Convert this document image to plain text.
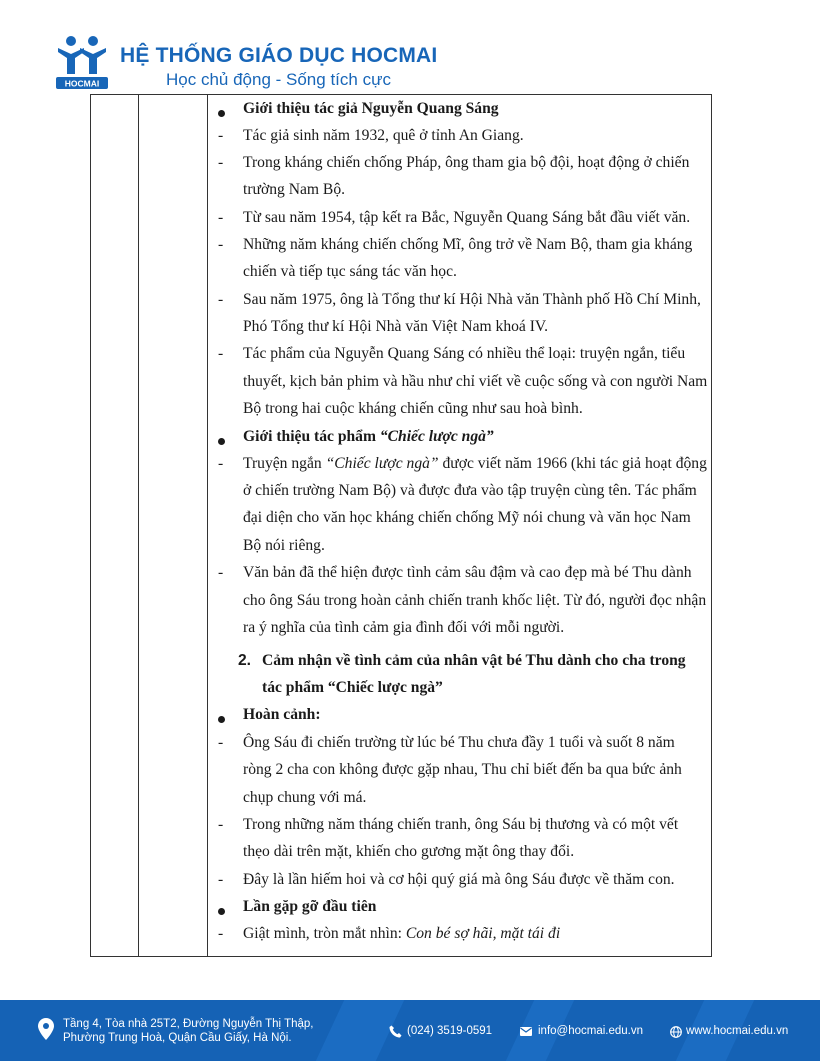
HOCMAI
HỆ THỐNG GIÁO DỤC HOCMAI
Học chủ động - Sống tích cực
Giới thiệu tác giả Nguyễn Quang Sáng
-	Tác giả sinh năm 1932, quê ở tỉnh An Giang.
-	Trong kháng chiến chống Pháp, ông tham gia bộ đội, hoạt động ở chiến
trường Nam Bộ.
-	Từ sau năm 1954, tập kết ra Bắc, Nguyễn Quang Sáng bắt đầu viết văn.
-	Những năm kháng chiến chống Mĩ, ông trở về Nam Bộ, tham gia kháng
chiến và tiếp tục sáng tác văn học.
-	Sau năm 1975, ông là Tổng thư kí Hội Nhà văn Thành phố Hồ Chí Minh,
Phó Tổng thư kí Hội Nhà văn Việt Nam khoá IV.
-	Tác phẩm của Nguyễn Quang Sáng có nhiều thể loại: truyện ngắn, tiểu
thuyết, kịch bản phim và hầu như chỉ viết về cuộc sống và con người Nam
Bộ trong hai cuộc kháng chiến cũng như sau hoà bình.
Giới thiệu tác phẩm “Chiếc lược ngà”
-	Truyện ngắn “Chiếc lược ngà” được viết năm 1966 (khi tác giả hoạt động
ở chiến trường Nam Bộ) và được đưa vào tập truyện cùng tên. Tác phẩm
đại diện cho văn học kháng chiến chống Mỹ nói chung và văn học Nam
Bộ nói riêng.
-	Văn bản đã thể hiện được tình cảm sâu đậm và cao đẹp mà bé Thu dành
cho ông Sáu trong hoàn cảnh chiến tranh khốc liệt. Từ đó, người đọc nhận
ra ý nghĩa của tình cảm gia đình đối với mỗi người.
2. Cảm nhận về tình cảm của nhân vật bé Thu dành cho cha trong
tác phẩm “Chiếc lược ngà”
Hoàn cảnh:
-	Ông Sáu đi chiến trường từ lúc bé Thu chưa đầy 1 tuổi và suốt 8 năm
ròng 2 cha con không được gặp nhau, Thu chỉ biết đến ba qua bức ảnh
chụp chung với má.
-	Trong những năm tháng chiến tranh, ông Sáu bị thương và có một vết
thẹo dài trên mặt, khiến cho gương mặt ông thay đổi.
-	Đây là lần hiếm hoi và cơ hội quý giá mà ông Sáu được về thăm con.
Lần gặp gỡ đầu tiên
-	Giật mình, tròn mắt nhìn: Con bé sợ hãi, mặt tái đi
Tầng 4, Tòa nhà 25T2, Đường Nguyễn Thị Thập,
Phường Trung Hoà, Quận Cầu Giấy, Hà Nội.
(024) 3519-0591	info@hocmai.edu.vn	www.hocmai.edu.vn
